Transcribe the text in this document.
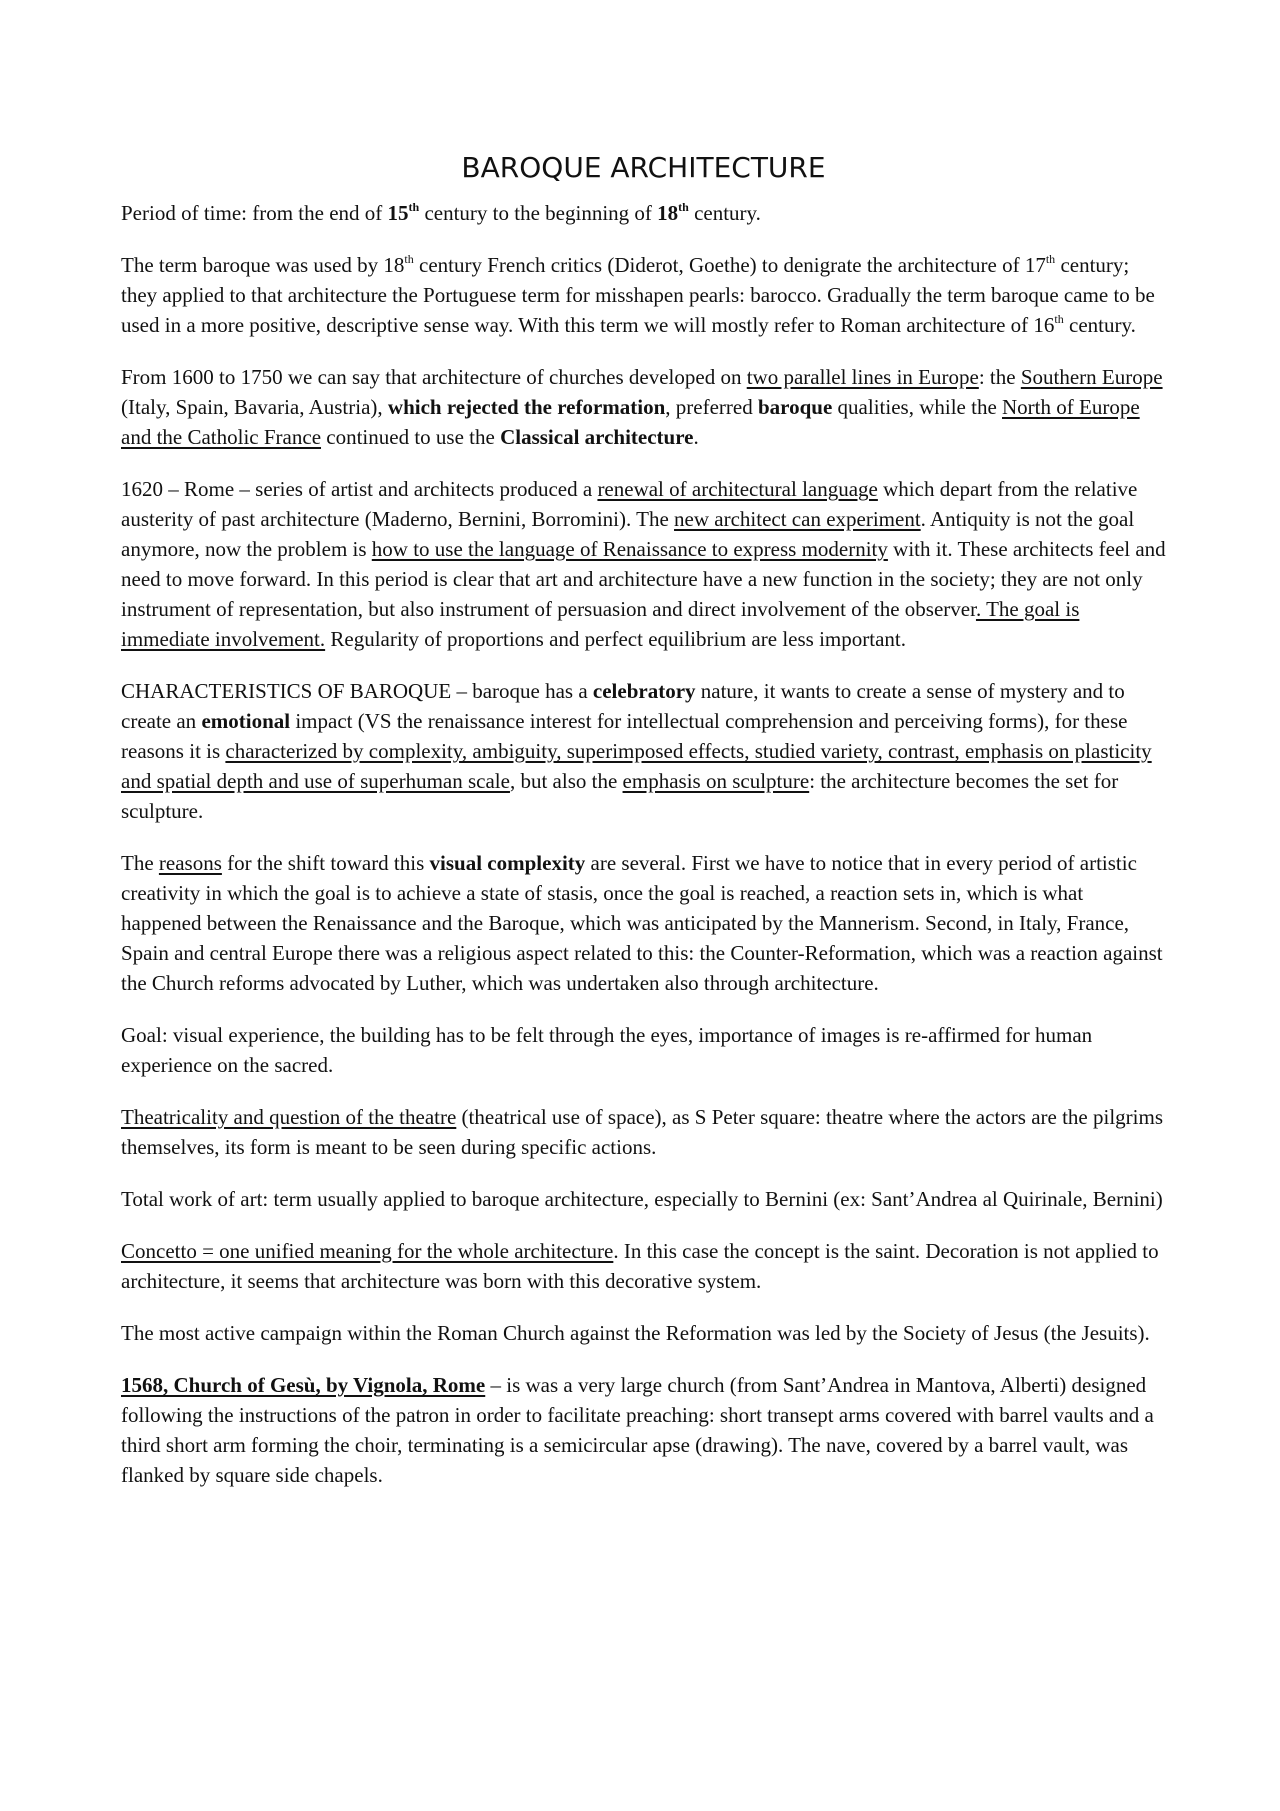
BAROQUE ARCHITECTURE

Period of time: from the end of 15th century to the beginning of 18th century.

The term baroque was used by 18th century French critics (Diderot, Goethe) to denigrate the architecture of 17th century; they applied to that architecture the Portuguese term for misshapen pearls: barocco. Gradually the term baroque came to be used in a more positive, descriptive sense way. With this term we will mostly refer to Roman architecture of 16th century.

From 1600 to 1750 we can say that architecture of churches developed on two parallel lines in Europe: the Southern Europe (Italy, Spain, Bavaria, Austria), which rejected the reformation, preferred baroque qualities, while the North of Europe and the Catholic France continued to use the Classical architecture.

1620 – Rome – series of artist and architects produced a renewal of architectural language which depart from the relative austerity of past architecture (Maderno, Bernini, Borromini). The new architect can experiment. Antiquity is not the goal anymore, now the problem is how to use the language of Renaissance to express modernity with it. These architects feel and need to move forward. In this period is clear that art and architecture have a new function in the society; they are not only instrument of representation, but also instrument of persuasion and direct involvement of the observer. The goal is immediate involvement. Regularity of proportions and perfect equilibrium are less important.

CHARACTERISTICS OF BAROQUE – baroque has a celebratory nature, it wants to create a sense of mystery and to create an emotional impact (VS the renaissance interest for intellectual comprehension and perceiving forms), for these reasons it is characterized by complexity, ambiguity, superimposed effects, studied variety, contrast, emphasis on plasticity and spatial depth and use of superhuman scale, but also the emphasis on sculpture: the architecture becomes the set for sculpture.

The reasons for the shift toward this visual complexity are several. First we have to notice that in every period of artistic creativity in which the goal is to achieve a state of stasis, once the goal is reached, a reaction sets in, which is what happened between the Renaissance and the Baroque, which was anticipated by the Mannerism. Second, in Italy, France, Spain and central Europe there was a religious aspect related to this: the Counter-Reformation, which was a reaction against the Church reforms advocated by Luther, which was undertaken also through architecture.

Goal: visual experience, the building has to be felt through the eyes, importance of images is re-affirmed for human experience on the sacred.

Theatricality and question of the theatre (theatrical use of space), as S Peter square: theatre where the actors are the pilgrims themselves, its form is meant to be seen during specific actions.

Total work of art: term usually applied to baroque architecture, especially to Bernini (ex: Sant’Andrea al Quirinale, Bernini)

Concetto = one unified meaning for the whole architecture. In this case the concept is the saint. Decoration is not applied to architecture, it seems that architecture was born with this decorative system.

The most active campaign within the Roman Church against the Reformation was led by the Society of Jesus (the Jesuits).

1568, Church of Gesù, by Vignola, Rome – is was a very large church (from Sant’Andrea in Mantova, Alberti) designed following the instructions of the patron in order to facilitate preaching: short transept arms covered with barrel vaults and a third short arm forming the choir, terminating is a semicircular apse (drawing). The nave, covered by a barrel vault, was flanked by square side chapels.
